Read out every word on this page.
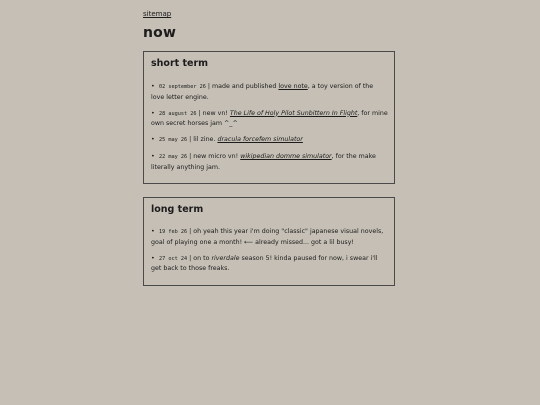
sitemap
now
short term
• 02 september 26 | made and published love note, a toy version of the love letter engine.
• 28 august 26 | new vn! The Life of Holy Pilot Sunbittern In Flight, for mine own secret horses jam ^_^
• 25 may 26 | lil zine. dracula forcefem simulator
• 22 may 26 | new micro vn! wikipedian domme simulator, for the make literally anything jam.
long term
• 19 feb 26 | oh yeah this year i'm doing "classic" japanese visual novels, goal of playing one a month! ⟵ already missed... got a lil busy!
• 27 oct 24 | on to riverdale season 5! kinda paused for now, i swear i'll get back to those freaks.
